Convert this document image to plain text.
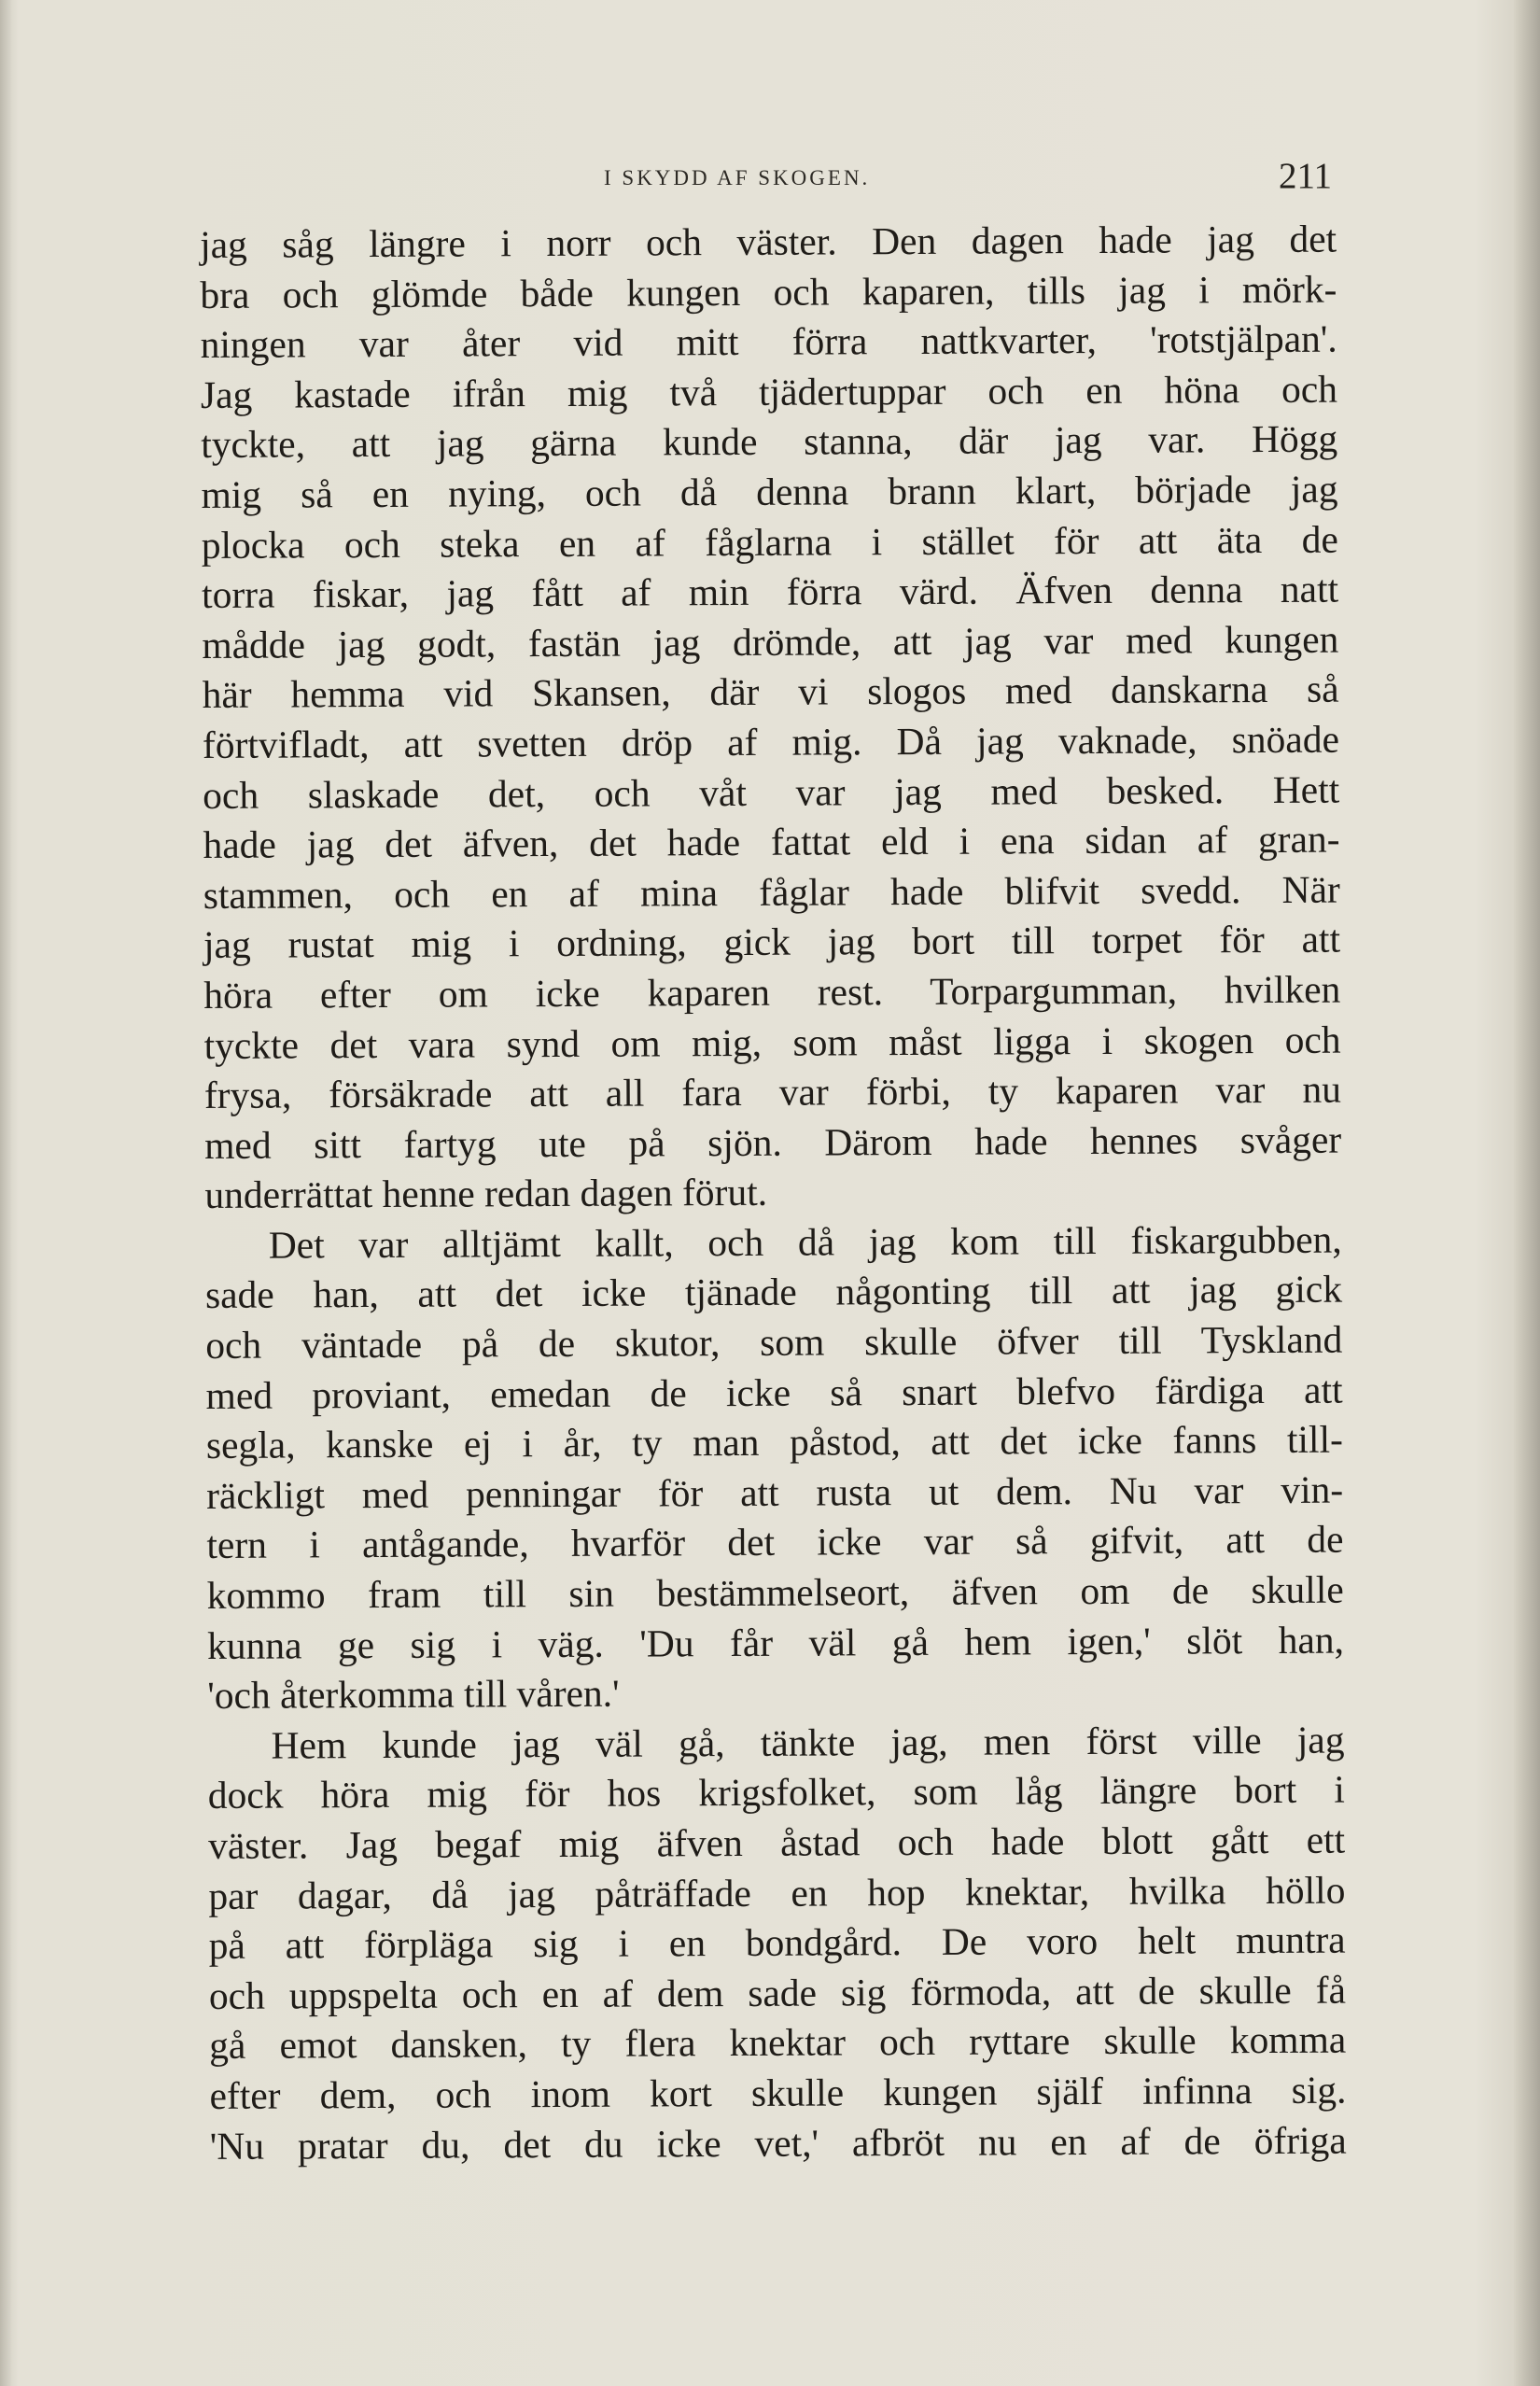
I SKYDD AF SKOGEN.	211
jag såg längre i norr och väster. Den dagen hade jag det
bra och glömde både kungen och kaparen, tills jag i mörk-
ningen var åter vid mitt förra nattkvarter, 'rotstjälpan'.
Jag kastade ifrån mig två tjädertuppar och en höna och
tyckte, att jag gärna kunde stanna, där jag var. Högg
mig så en nying, och då denna brann klart, började jag
plocka och steka en af fåglarna i stället för att äta de
torra fiskar, jag fått af min förra värd. Äfven denna natt
mådde jag godt, fastän jag drömde, att jag var med kungen
här hemma vid Skansen, där vi slogos med danskarna så
förtvifladt, att svetten dröp af mig. Då jag vaknade, snöade
och slaskade det, och våt var jag med besked. Hett
hade jag det äfven, det hade fattat eld i ena sidan af gran-
stammen, och en af mina fåglar hade blifvit svedd. När
jag rustat mig i ordning, gick jag bort till torpet för att
höra efter om icke kaparen rest. Torpargumman, hvilken
tyckte det vara synd om mig, som måst ligga i skogen och
frysa, försäkrade att all fara var förbi, ty kaparen var nu
med sitt fartyg ute på sjön. Därom hade hennes svåger
underrättat henne redan dagen förut.
Det var alltjämt kallt, och då jag kom till fiskargubben,
sade han, att det icke tjänade någonting till att jag gick
och väntade på de skutor, som skulle öfver till Tyskland
med proviant, emedan de icke så snart blefvo färdiga att
segla, kanske ej i år, ty man påstod, att det icke fanns till-
räckligt med penningar för att rusta ut dem. Nu var vin-
tern i antågande, hvarför det icke var så gifvit, att de
kommo fram till sin bestämmelseort, äfven om de skulle
kunna ge sig i väg. 'Du får väl gå hem igen,' slöt han,
'och återkomma till våren.'
Hem kunde jag väl gå, tänkte jag, men först ville jag
dock höra mig för hos krigsfolket, som låg längre bort i
väster. Jag begaf mig äfven åstad och hade blott gått ett
par dagar, då jag påträffade en hop knektar, hvilka höllo
på att förpläga sig i en bondgård. De voro helt muntra
och uppspelta och en af dem sade sig förmoda, att de skulle få
gå emot dansken, ty flera knektar och ryttare skulle komma
efter dem, och inom kort skulle kungen själf infinna sig.
'Nu pratar du, det du icke vet,' afbröt nu en af de öfriga
